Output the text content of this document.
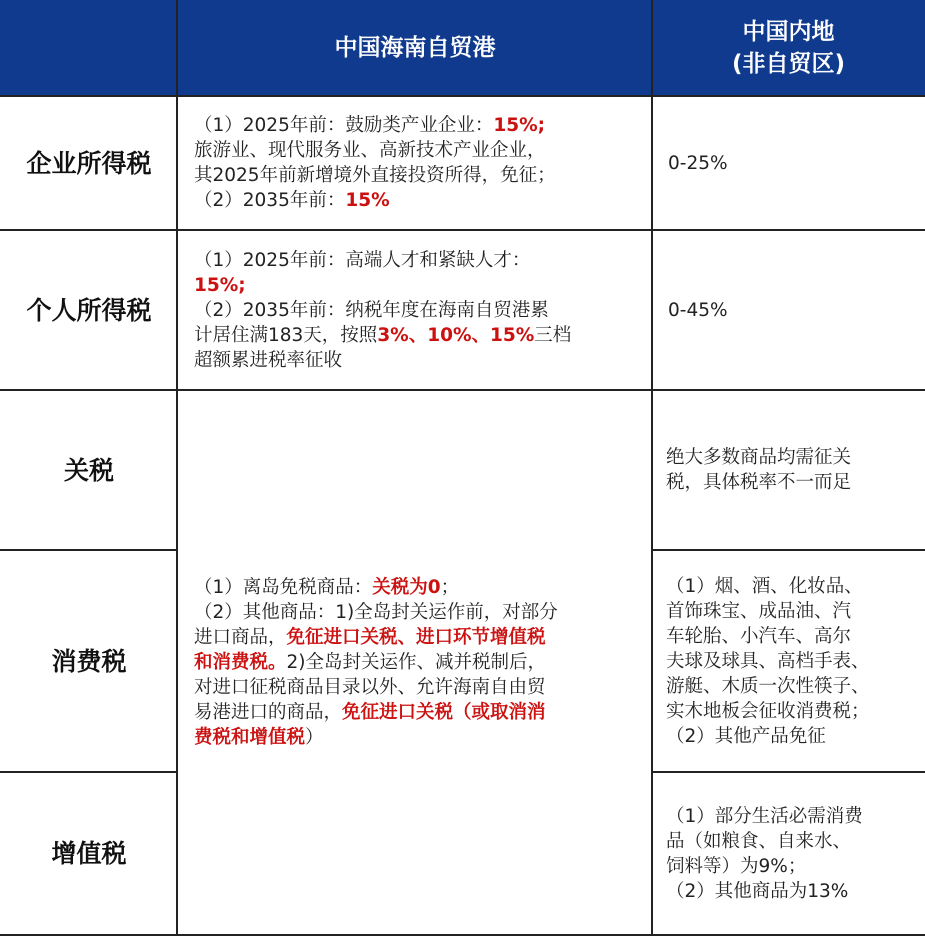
中国海南自贸港
中国内地
(非自贸区)
企业所得税
（1）2025年前：鼓励类产业企业：15%;
旅游业、现代服务业、高新技术产业企业，
其2025年前新增境外直接投资所得，免征；
（2）2035年前：15%
0-25%
个人所得税
（1）2025年前：高端人才和紧缺人才：
15%;
（2）2035年前：纳税年度在海南自贸港累
计居住满183天，按照3%、10%、15%三档
超额累进税率征收
0-45%
关税	绝大多数商品均需征关
税，具体税率不一而足
（1）离岛免税商品：关税为0；
（2）其他商品：1)全岛封关运作前，对部分
进口商品，免征进口关税、进口环节增值税
和消费税。2)全岛封关运作、减并税制后，
对进口征税商品目录以外、允许海南自由贸
易港进口的商品，免征进口关税（或取消消
费税和增值税）
消费税
（1）烟、酒、化妆品、
首饰珠宝、成品油、汽
车轮胎、小汽车、高尔
夫球及球具、高档手表、
游艇、木质一次性筷子、
实木地板会征收消费税；
（2）其他产品免征
增值税
（1）部分生活必需消费
品（如粮食、自来水、
饲料等）为9%；
（2）其他商品为13%
